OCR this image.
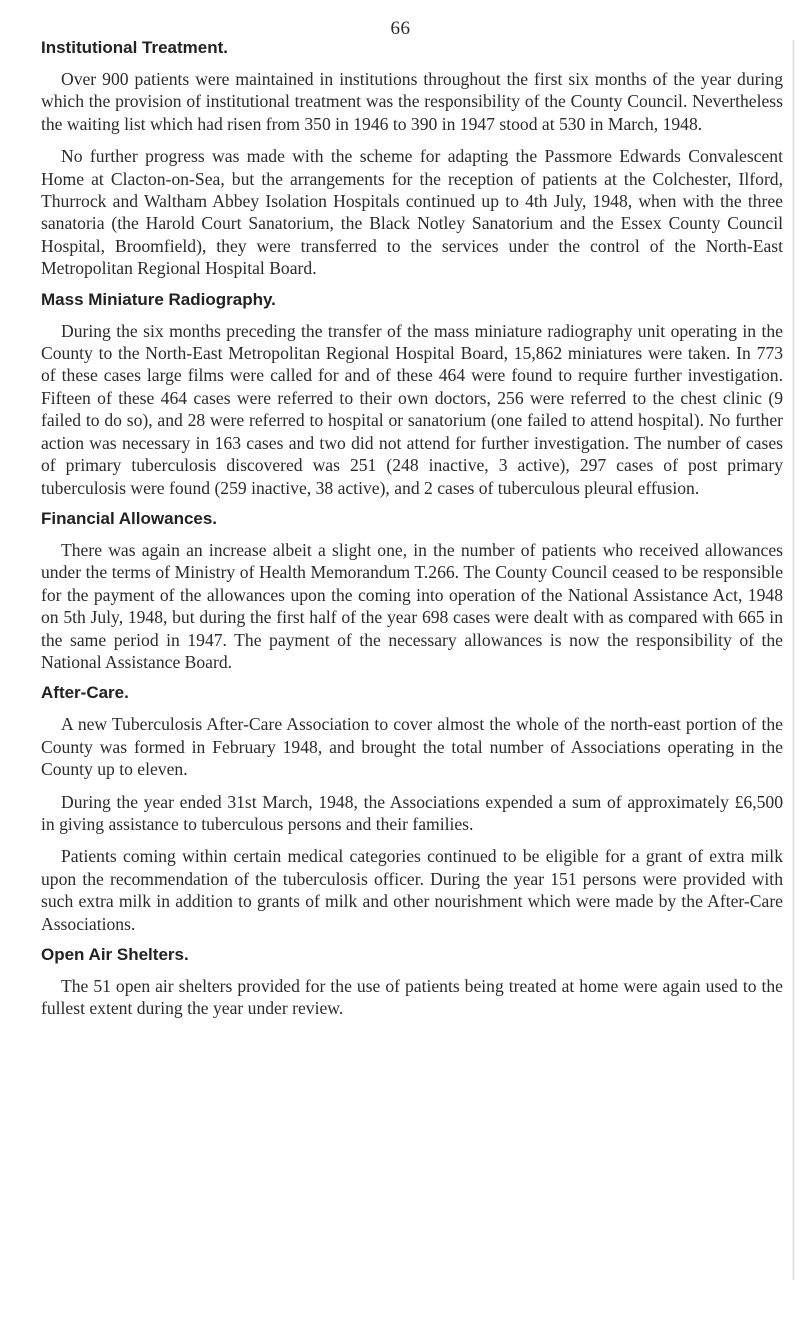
66
Institutional Treatment.

Over 900 patients were maintained in institutions throughout the first six months of the year during which the provision of institutional treatment was the responsibility of the County Council. Nevertheless the waiting list which had risen from 350 in 1946 to 390 in 1947 stood at 530 in March, 1948.

No further progress was made with the scheme for adapting the Passmore Edwards Convalescent Home at Clacton-on-Sea, but the arrangements for the reception of patients at the Colchester, Ilford, Thurrock and Waltham Abbey Isolation Hospitals continued up to 4th July, 1948, when with the three sanatoria (the Harold Court Sanatorium, the Black Notley Sanatorium and the Essex County Council Hospital, Broomfield), they were transferred to the services under the control of the North-East Metropolitan Regional Hospital Board.

Mass Miniature Radiography.

During the six months preceding the transfer of the mass miniature radiography unit operating in the County to the North-East Metropolitan Regional Hospital Board, 15,862 miniatures were taken. In 773 of these cases large films were called for and of these 464 were found to require further investigation. Fifteen of these 464 cases were referred to their own doctors, 256 were referred to the chest clinic (9 failed to do so), and 28 were referred to hospital or sanatorium (one failed to attend hospital). No further action was necessary in 163 cases and two did not attend for further investigation. The number of cases of primary tuberculosis discovered was 251 (248 inactive, 3 active), 297 cases of post primary tuberculosis were found (259 inactive, 38 active), and 2 cases of tuberculous pleural effusion.

Financial Allowances.

There was again an increase albeit a slight one, in the number of patients who received allowances under the terms of Ministry of Health Memorandum T.266. The County Council ceased to be responsible for the payment of the allowances upon the coming into operation of the National Assistance Act, 1948 on 5th July, 1948, but during the first half of the year 698 cases were dealt with as compared with 665 in the same period in 1947. The payment of the necessary allowances is now the responsibility of the National Assistance Board.

After-Care.

A new Tuberculosis After-Care Association to cover almost the whole of the north-east portion of the County was formed in February 1948, and brought the total number of Associations operating in the County up to eleven.

During the year ended 31st March, 1948, the Associations expended a sum of approximately £6,500 in giving assistance to tuberculous persons and their families.

Patients coming within certain medical categories continued to be eligible for a grant of extra milk upon the recommendation of the tuberculosis officer. During the year 151 persons were provided with such extra milk in addition to grants of milk and other nourishment which were made by the After-Care Associations.

Open Air Shelters.

The 51 open air shelters provided for the use of patients being treated at home were again used to the fullest extent during the year under review.
